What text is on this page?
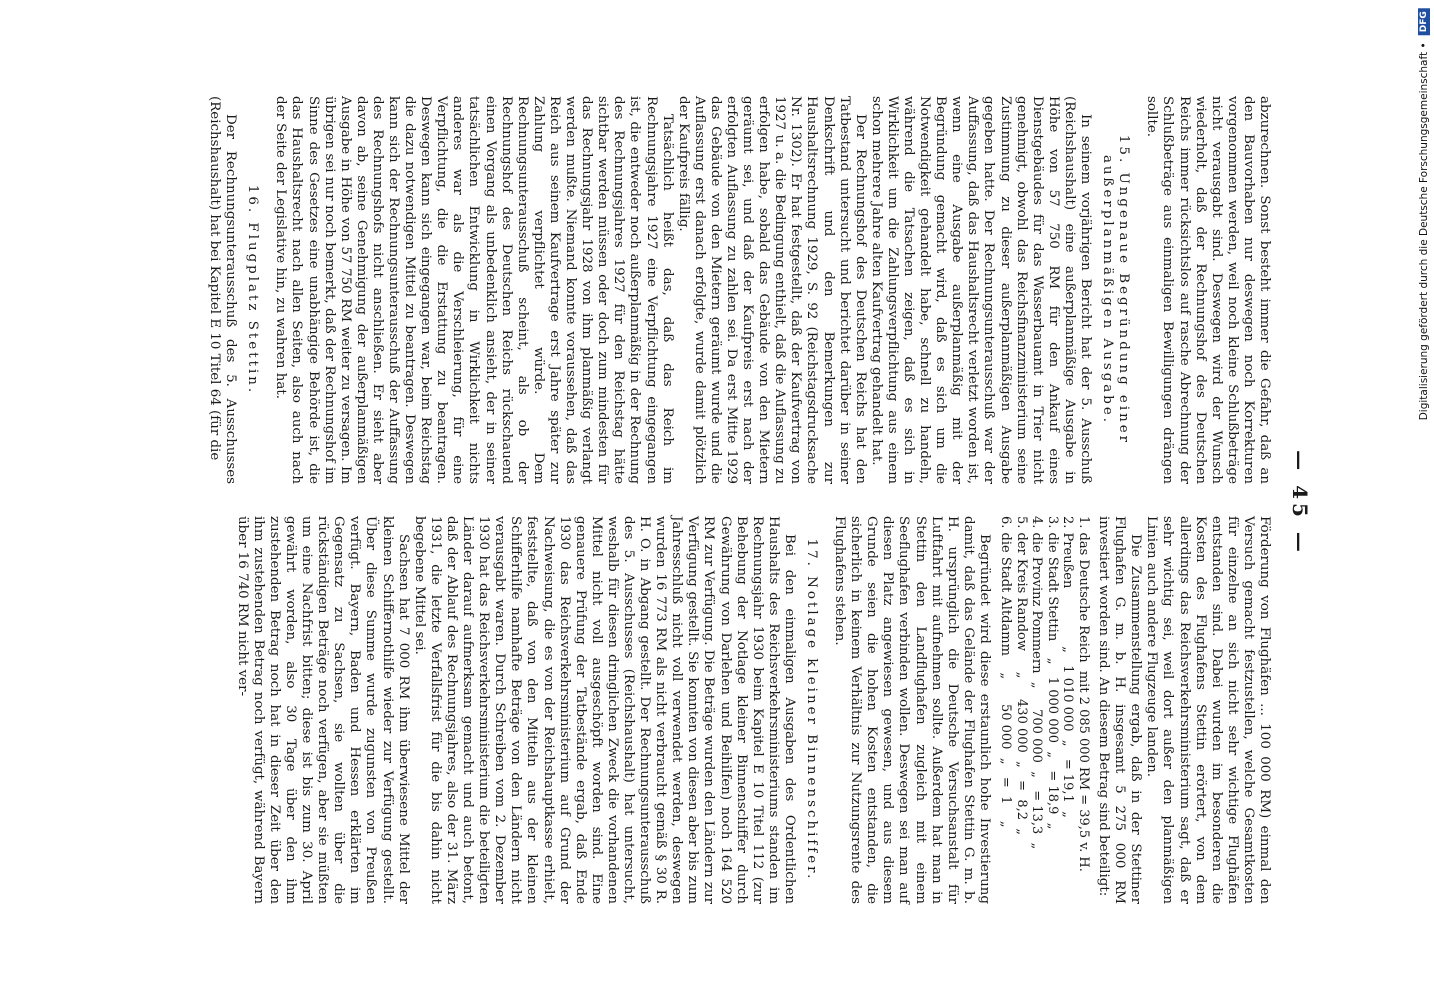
— 45 —

abzurechnen. Sonst besteht immer die Gefahr, daß an den Bauvorhaben nur deswegen noch Korrekturen vorgenommen werden, weil noch kleine Schlußbeträge nicht verausgabt sind. Deswegen wird der Wunsch wiederholt, daß der Rechnungshof des Deutschen Reichs immer rücksichtslos auf rasche Abrechnung der Schlußbeträge aus einmaligen Bewilligungen drängen sollte.

15. Ungenaue Begründung einer außerplanmäßigen Ausgabe.

In seinem vorjährigen Bericht hat der 5. Ausschuß (Reichshaushalt) eine außerplanmäßige Ausgabe in Höhe von 57 750 RM für den Ankauf eines Dienstgebäudes für das Wasserbauamt in Trier nicht genehmigt, obwohl das Reichsfinanzministerium seine Zustimmung zu dieser außerplanmäßigen Ausgabe gegeben hatte. Der Rechnungsunterausschuß war der Auffassung, daß das Haushaltsrecht verletzt worden ist, wenn eine Ausgabe außerplanmäßig mit der Begründung gemacht wird, daß es sich um die Notwendigkeit gehandelt habe, schnell zu handeln, während die Tatsachen zeigen, daß es sich in Wirklichkeit um die Zahlungsverpflichtung aus einem schon mehrere Jahre alten Kaufvertrag gehandelt hat.

Der Rechnungshof des Deutschen Reichs hat den Tatbestand untersucht und berichtet darüber in seiner Denkschrift und den Bemerkungen zur Haushaltsrechnung 1929, S. 92 (Reichstagsdrucksache Nr. 1302). Er hat festgestellt, daß der Kaufvertrag von 1927 u. a. die Bedingung enthielt, daß die Auflassung zu erfolgen habe, sobald das Gebäude von den Mietern geräumt sei, und daß der Kaufpreis erst nach der erfolgten Auflassung zu zahlen sei. Da erst Mitte 1929 das Gebäude von den Mietern geräumt wurde und die Auflassung erst danach erfolgte, wurde damit plötzlich der Kaufpreis fällig.

Tatsächlich heißt das, daß das Reich im Rechnungsjahre 1927 eine Verpflichtung eingegangen ist, die entweder noch außerplanmäßig in der Rechnung des Rechnungsjahres 1927 für den Reichstag hätte sichtbar werden müssen oder doch zum mindesten für das Rechnungsjahr 1928 von ihm planmäßig verlangt werden mußte. Niemand konnte voraussehen, daß das Reich aus seinem Kaufvertrage erst Jahre später zur Zahlung verpflichtet würde. Dem Rechnungsunterausschuß scheint, als ob der Rechnungshof des Deutschen Reichs rückschauend einen Vorgang als unbedenklich ansieht, der in seiner tatsächlichen Entwicklung in Wirklichkeit nichts anderes war als die Verschleierung, für eine Verpflichtung, die die Erstattung zu beantragen. Deswegen kann sich eingegangen war, beim Reichstag die dazu notwendigen Mittel zu beantragen. Deswegen kann sich der Rechnungsunterausschuß der Auffassung des Rechnungshofs nicht anschließen. Er sieht aber davon ab, seine Genehmigung der außerplanmäßigen Ausgabe in Höhe von 57 750 RM weiter zu versagen. Im übrigen sei nur noch bemerkt, daß der Rechnungshof im Sinne des Gesetzes eine unabhängige Behörde ist, die das Haushaltsrecht nach allen Seiten, also auch nach der Seite der Legislative hin, zu wahren hat.

16. Flugplatz Stettin.

Der Rechnungsunterausschuß des 5. Ausschusses (Reichshaushalt) hat bei Kapitel E 10 Titel 64 (für die

Förderung von Flughäfen ... 100 000 RM) einmal den Versuch gemacht festzustellen, welche Gesamtkosten für einzelne an sich nicht sehr wichtige Flughäfen entstanden sind. Dabei wurden im besonderen die Kosten des Flughafens Stettin erörtert, von dem allerdings das Reichsverkehrsministerium sagt, daß er sehr wichtig sei, weil dort außer den planmäßigen Linien auch andere Flugzeuge landen.

Die Zusammenstellung ergab, daß in der Stettiner Flughafen G. m. b. H. insgesamt 5 275 000 RM investiert worden sind. An diesem Betrag sind beteiligt:

1. das Deutsche Reich  mit 2 085 000 RM = 39,5 v. H.
2. Preußen              „   1 010 000  „   = 19,1  „
3. die Stadt Stettin    „   1 000 000  „   = 18,9  „
4. die Provinz Pommern  „     700 000  „   = 13,3  „
5. der Kreis Randow     „     430 000  „   =  8,2  „
6. die Stadt Altdamm    „      50 000  „   =  1    „

Begründet wird diese erstaunlich hohe Investierung damit, daß das Gelände der Flughafen Stettin G. m. b. H. ursprünglich die Deutsche Versuchsanstalt für Luftfahrt mit aufnehmen sollte. Außerdem hat man in Stettin den Landflughafen zugleich mit einem Seeflughafen verbinden wollen. Deswegen sei man auf diesen Platz angewiesen gewesen, und aus diesem Grunde seien die hohen Kosten entstanden, die sicherlich in keinem Verhältnis zur Nutzungsrente des Flughafens stehen.

17. Notlage kleiner Binnenschiffer.

Bei den einmaligen Ausgaben des Ordentlichen Haushalts des Reichsverkehrsministeriums standen im Rechnungsjahr 1930 beim Kapitel E 10 Titel 112 (zur Behebung der Notlage kleiner Binnenschiffer durch Gewährung von Darlehen und Beihilfen) noch 164 520 RM zur Verfügung. Die Beträge wurden den Ländern zur Verfügung gestellt. Sie konnten von diesen aber bis zum Jahresschluß nicht voll verwendet werden, deswegen wurden 16 773 RM als nicht verbraucht gemäß § 30 R. H. O. in Abgang gestellt. Der Rechnungsunterausschuß des 5. Ausschusses (Reichshaushalt) hat untersucht, weshalb für diesen dringlichen Zweck die vorhandenen Mittel nicht voll ausgeschöpft worden sind. Eine genauere Prüfung der Tatbestände ergab, daß Ende 1930 das Reichsverkehrsministerium auf Grund der Nachweisung, die es von der Reichshauptkasse erhielt, feststellte, daß von den Mitteln aus der kleinen Schifferhilfe namhafte Beträge von den Ländern nicht verausgabt waren. Durch Schreiben vom 2. Dezember 1930 hat das Reichsverkehrsministerium die beteiligten Länder darauf aufmerksam gemacht und auch betont, daß der Ablauf des Rechnungsjahres, also der 31. März 1931, die letzte Verfallsfrist für die bis dahin nicht begebene Mittel sei.

Sachsen hat 7 000 RM ihm überwiesene Mittel der kleinen Schiffernothilfe wieder zur Verfügung gestellt. Über diese Summe wurde zugunsten von Preußen verfügt. Bayern, Baden und Hessen erklärten im Gegensatz zu Sachsen, sie wollten über die rückständigen Beträge noch verfügen, aber sie müßten um eine Nachfrist bitten; diese ist bis zum 30. April gewährt worden, also 30 Tage über den ihm zustehenden Betrag noch hat in dieser Zeit über den ihm zustehenden Betrag noch verfügt, während Bayern über 16 740 RM nicht ver-

Digitalisierung gefördert durch die Deutsche Forschungsgemeinschaft • DFG
